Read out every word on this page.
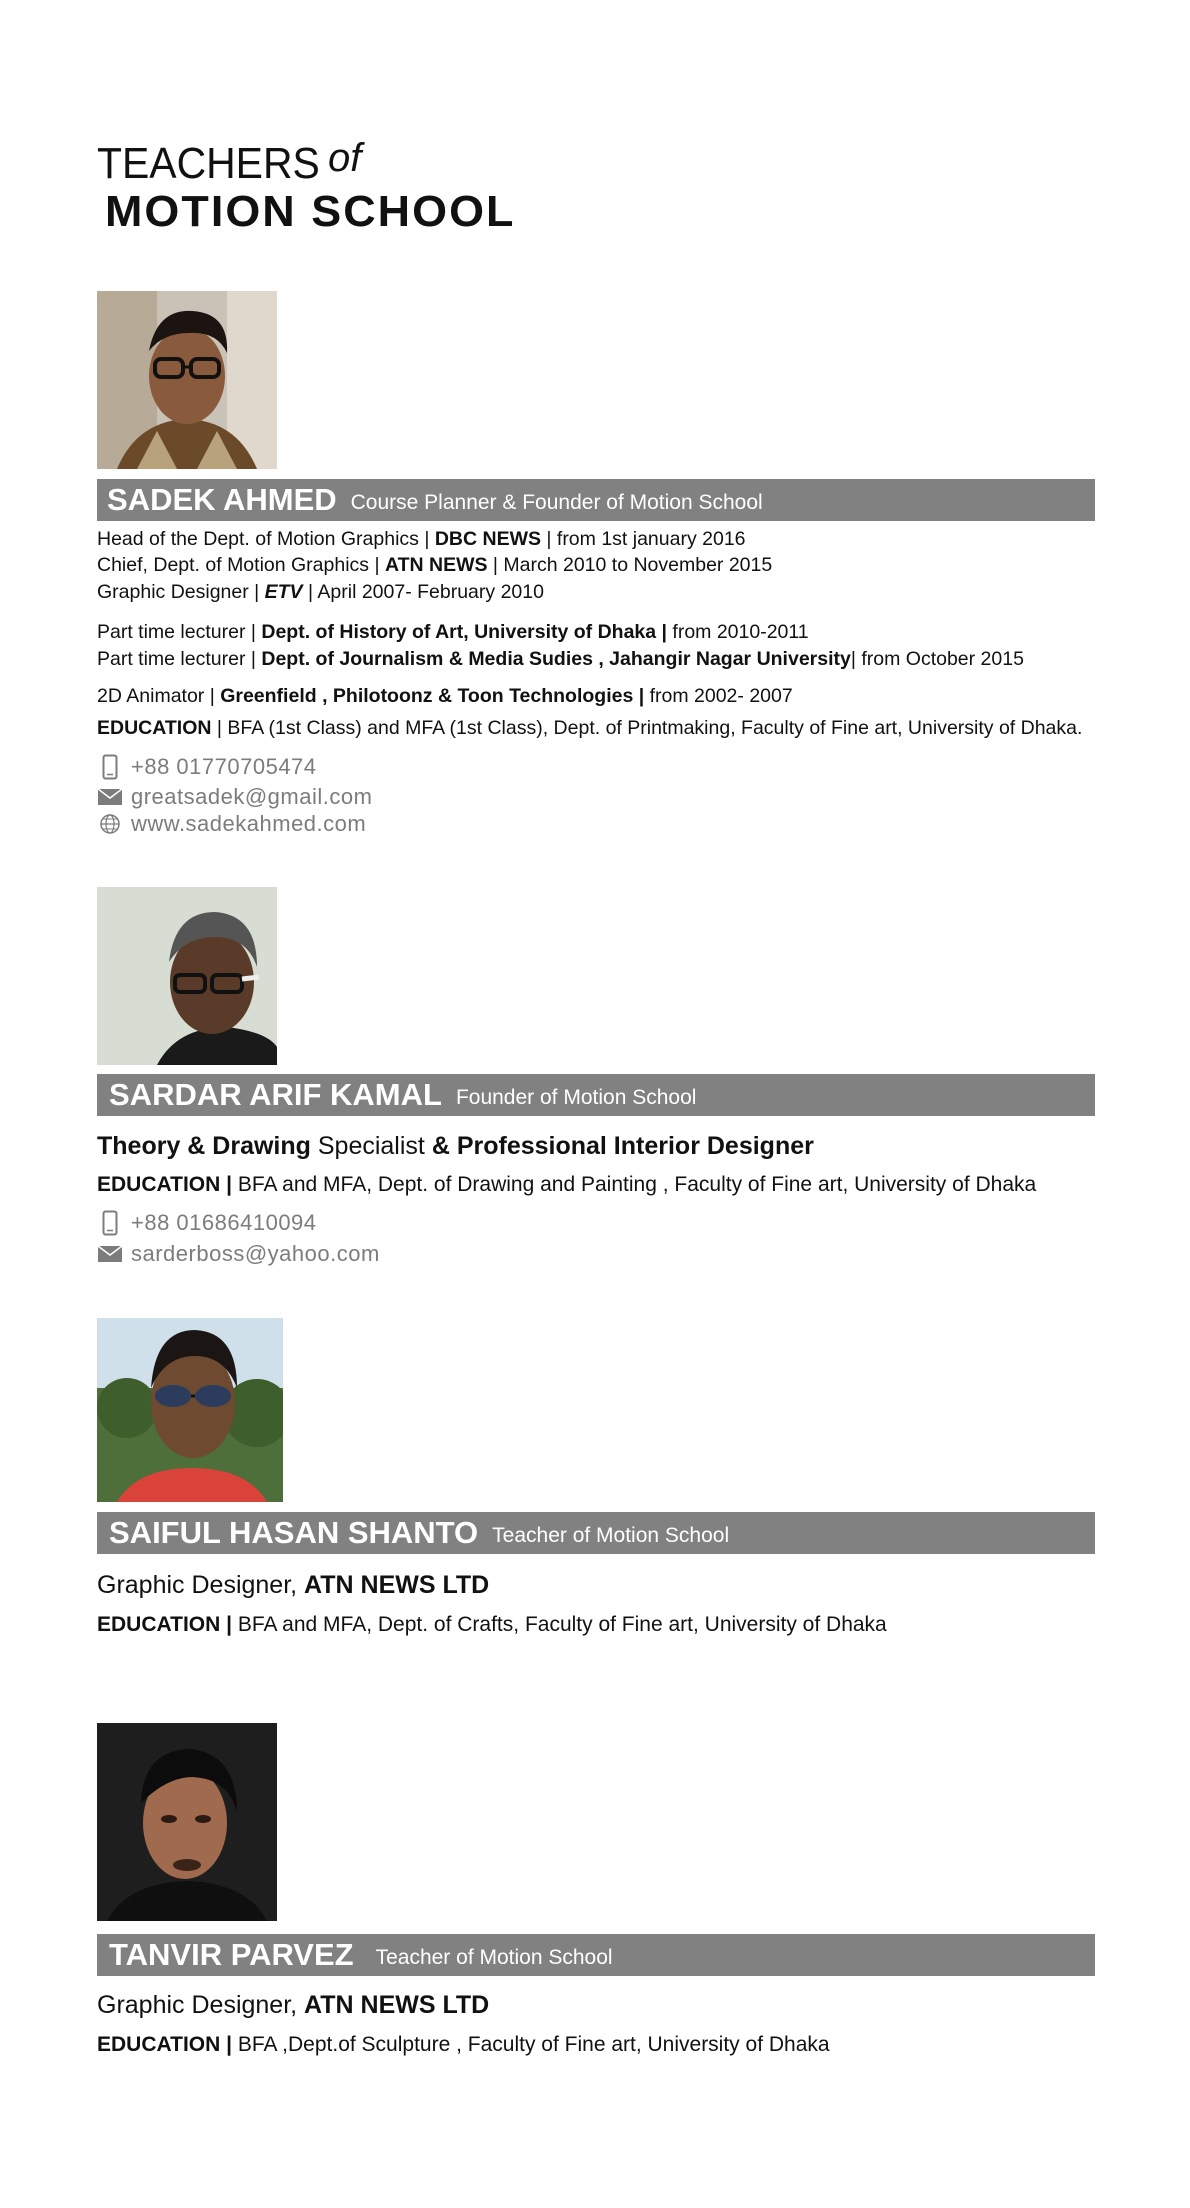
TEACHERS of
MOTION SCHOOL
SADEK AHMED Course Planner & Founder of Motion School
Head of the Dept. of Motion Graphics | DBC NEWS | from 1st january 2016
Chief, Dept. of Motion Graphics | ATN NEWS | March 2010 to November 2015
Graphic Designer | ETV | April 2007- February 2010
Part time lecturer | Dept. of History of Art, University of Dhaka | from 2010-2011
Part time lecturer | Dept. of Journalism & Media Sudies , Jahangir Nagar University| from October 2015
2D Animator | Greenfield , Philotoonz & Toon Technologies | from 2002- 2007
EDUCATION | BFA (1st Class) and MFA (1st Class), Dept. of Printmaking, Faculty of Fine art, University of Dhaka.
+88 01770705474
greatsadek@gmail.com
www.sadekahmed.com
SARDAR ARIF KAMAL Founder of Motion School
Theory & Drawing Specialist & Professional Interior Designer
EDUCATION | BFA and MFA, Dept. of Drawing and Painting , Faculty of Fine art, University of Dhaka
+88 01686410094
sarderboss@yahoo.com
SAIFUL HASAN SHANTO Teacher of Motion School
Graphic Designer, ATN NEWS LTD
EDUCATION | BFA and MFA, Dept. of Crafts, Faculty of Fine art, University of Dhaka
TANVIR PARVEZ Teacher of Motion School
Graphic Designer, ATN NEWS LTD
EDUCATION | BFA ,Dept.of Sculpture , Faculty of Fine art, University of Dhaka
